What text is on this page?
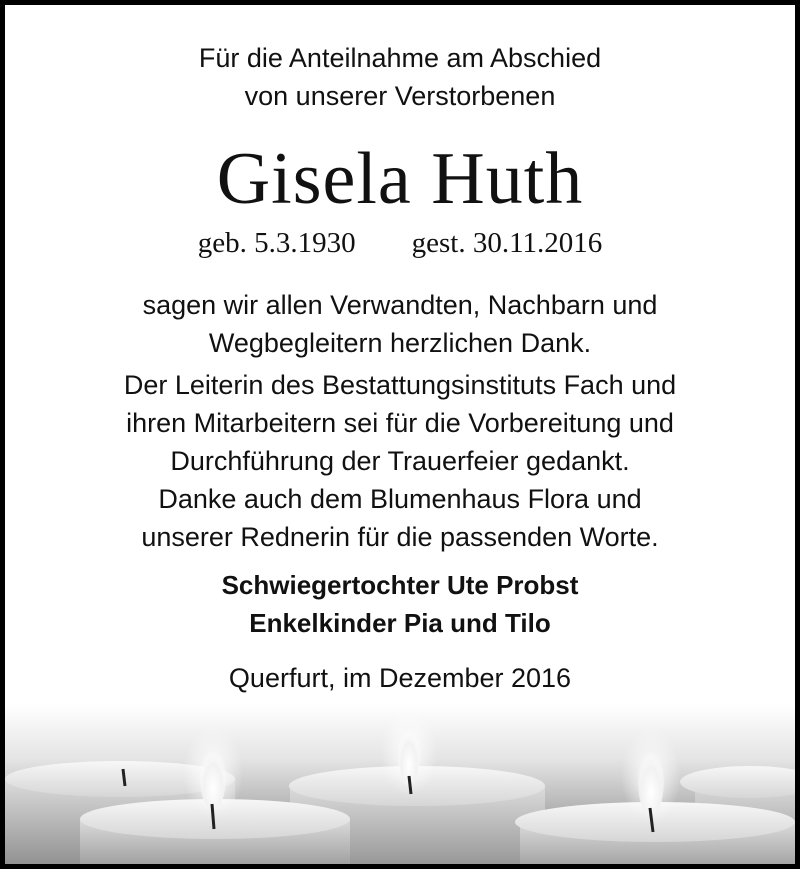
Für die Anteilnahme am Abschied

von unserer Verstorbenen

Gisela Huth

geb. 5.3.1930 gest. 30.11.2016

sagen wir allen Verwandten, Nachbarn und

Wegbegleitern herzlichen Dank.

Der Leiterin des Bestattungsinstituts Fach und

ihren Mitarbeitern sei für die Vorbereitung und

Durchführung der Trauerfeier gedankt.

Danke auch dem Blumenhaus Flora und

unserer Rednerin für die passenden Worte.

Schwiegertochter Ute Probst

Enkelkinder Pia und Tilo

Querfurt, im Dezember 2016
